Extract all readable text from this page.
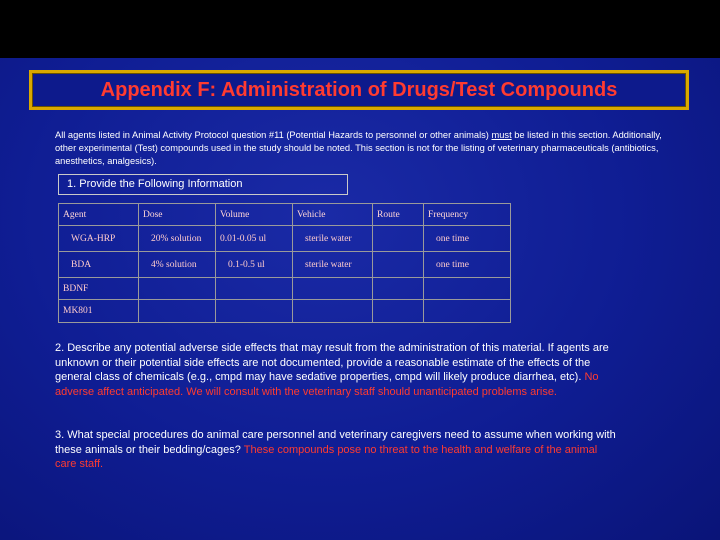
Appendix F: Administration of Drugs/Test Compounds
All agents listed in Animal Activity Protocol question #11 (Potential Hazards to personnel or other animals) must be listed in this section. Additionally, other experimental (Test) compounds used in the study should be noted. This section is not for the listing of veterinary pharmaceuticals (antibiotics, anesthetics, analgesics).
1. Provide the Following Information
Agent	Dose	Volume	Vehicle	Route	Frequency
WGA-HRP	20% solution	0.01-0.05 ul	sterile water		one time
BDA	4% solution	0.1-0.5 ul	sterile water		one time
BDNF					
MK801					
2. Describe any potential adverse side effects that may result from the administration of this material. If agents are unknown or their potential side effects are not documented, provide a reasonable estimate of the effects of the general class of chemicals (e.g., cmpd may have sedative properties, cmpd will likely produce diarrhea, etc). No adverse affect anticipated. We will consult with the veterinary staff should unanticipated problems arise.
3. What special procedures do animal care personnel and veterinary caregivers need to assume when working with these animals or their bedding/cages? These compounds pose no threat to the health and welfare of the animal care staff.
